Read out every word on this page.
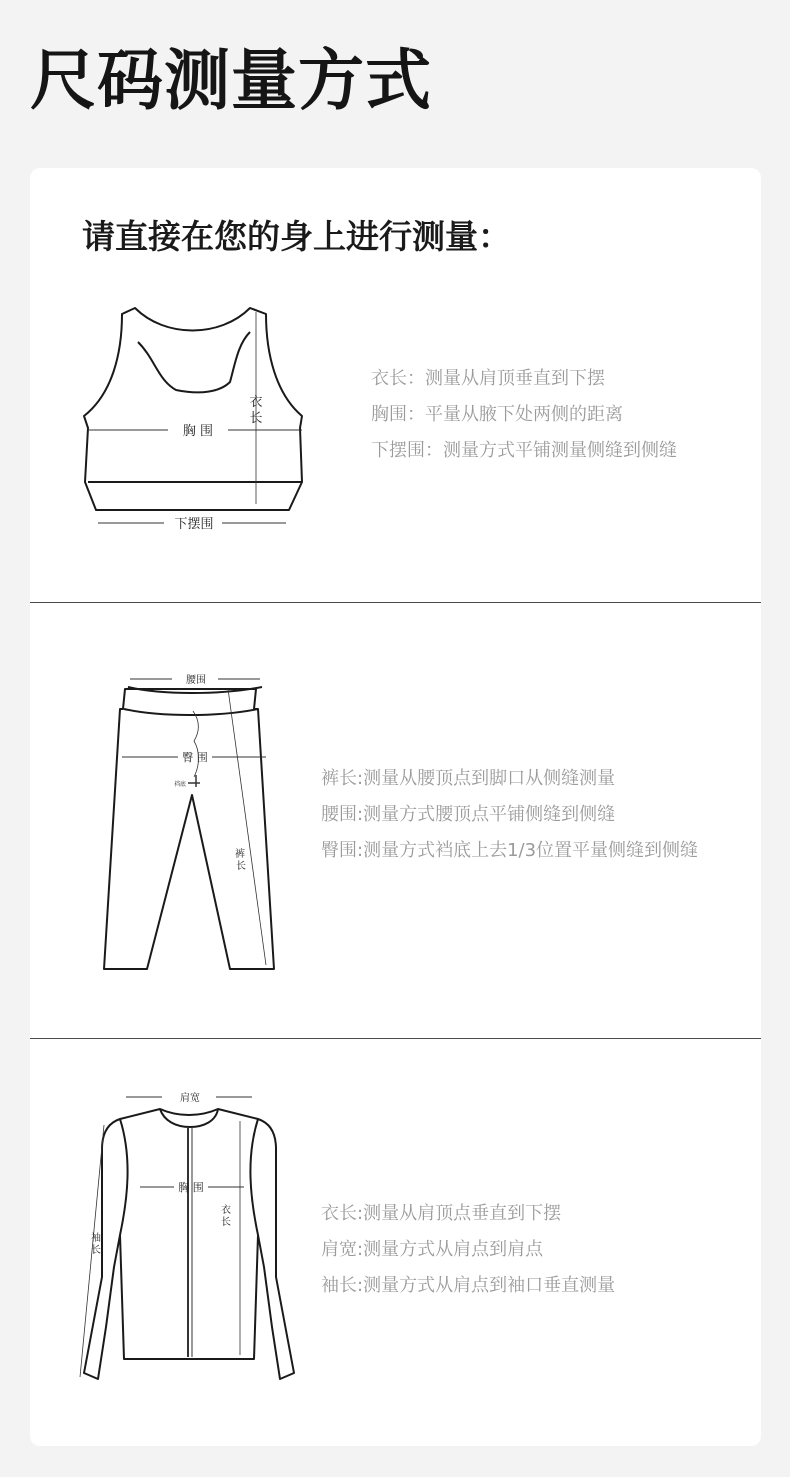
尺码测量方式
请直接在您的身上进行测量：
胸 围
衣
长
下摆围
衣长：测量从肩顶垂直到下摆
胸围：平量从腋下处两侧的距离
下摆围：测量方式平铺测量侧缝到侧缝
腰围
臀 围
裆底
裤
长
裤长:测量从腰顶点到脚口从侧缝测量
腰围:测量方式腰顶点平铺侧缝到侧缝
臀围:测量方式裆底上去1/3位置平量侧缝到侧缝
肩宽
胸 围
衣
长
袖
长
衣长:测量从肩顶点垂直到下摆
肩宽:测量方式从肩点到肩点
袖长:测量方式从肩点到袖口垂直测量
